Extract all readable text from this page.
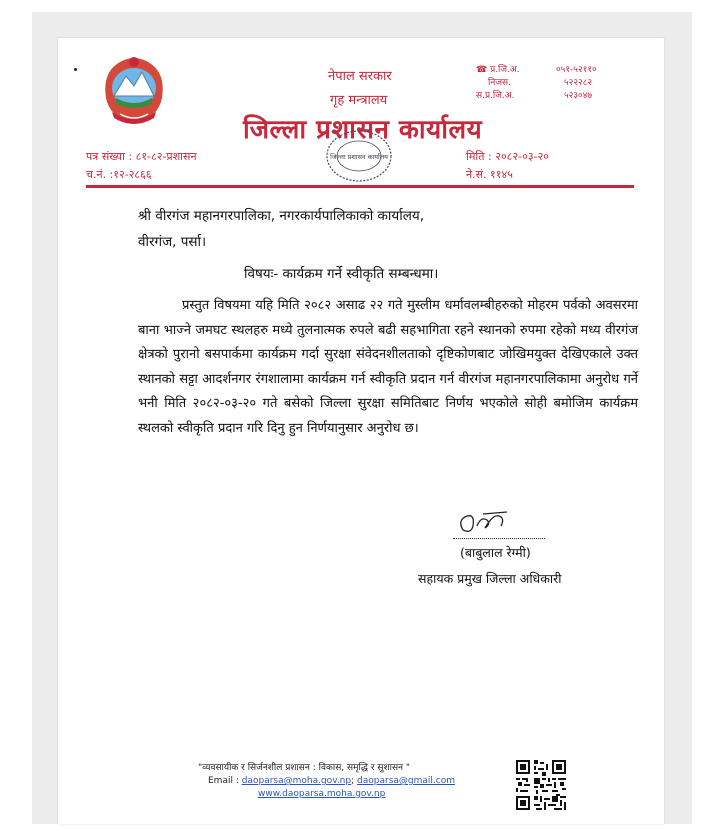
नेपाल सरकार
गृह मन्त्रालय
जिल्ला प्रशासन कार्यालय
☎ प्र.जि.अ.	०५१-५२११०
निजस.	५२२२८२
स.प्र.जि.अ.	५२३०४७
पत्र संख्या : ८१-८२-प्रशासन
च.नं. :१२-२८६६
मिति : २०८२-०३-२०
ने.सं. ११४५
जिल्ला प्रशासन कार्यालय
श्री वीरगंज महानगरपालिका, नगरकार्यपालिकाको कार्यालय,
वीरगंज, पर्सा।
विषयः- कार्यक्रम गर्ने स्वीकृति सम्बन्धमा।
प्रस्तुत विषयमा यहि मिति २०८२ असाढ २२ गते मुस्लीम धर्मावलम्बीहरुको मोहरम पर्वको अवसरमा बाना भाज्ने जमघट स्थलहरु मध्ये तुलनात्मक रुपले बढी सहभागिता रहने स्थानको रुपमा रहेको मध्य वीरगंज क्षेत्रको पुरानो बसपार्कमा कार्यक्रम गर्दा सुरक्षा संवेदनशीलताको दृष्टिकोणबाट जोखिमयुक्त देखिएकाले उक्त स्थानको सट्टा आदर्शनगर रंगशालामा कार्यक्रम गर्न स्वीकृति प्रदान गर्न वीरगंज महानगरपालिकामा अनुरोध गर्ने भनी मिति २०८२-०३-२० गते बसेको जिल्ला सुरक्षा समितिबाट निर्णय भएकोले सोही बमोजिम कार्यक्रम स्थलको स्वीकृति प्रदान गरि दिनु हुन निर्णयानुसार अनुरोध छ।
(बाबुलाल रेग्मी)
सहायक प्रमुख जिल्ला अधिकारी
"व्यवसायीक र सिर्जनशील प्रशासन : विकास, समृद्धि र सुशासन "
Email : daoparsa@moha.gov.np; daoparsa@gmail.com
www.daoparsa.moha.gov.np
